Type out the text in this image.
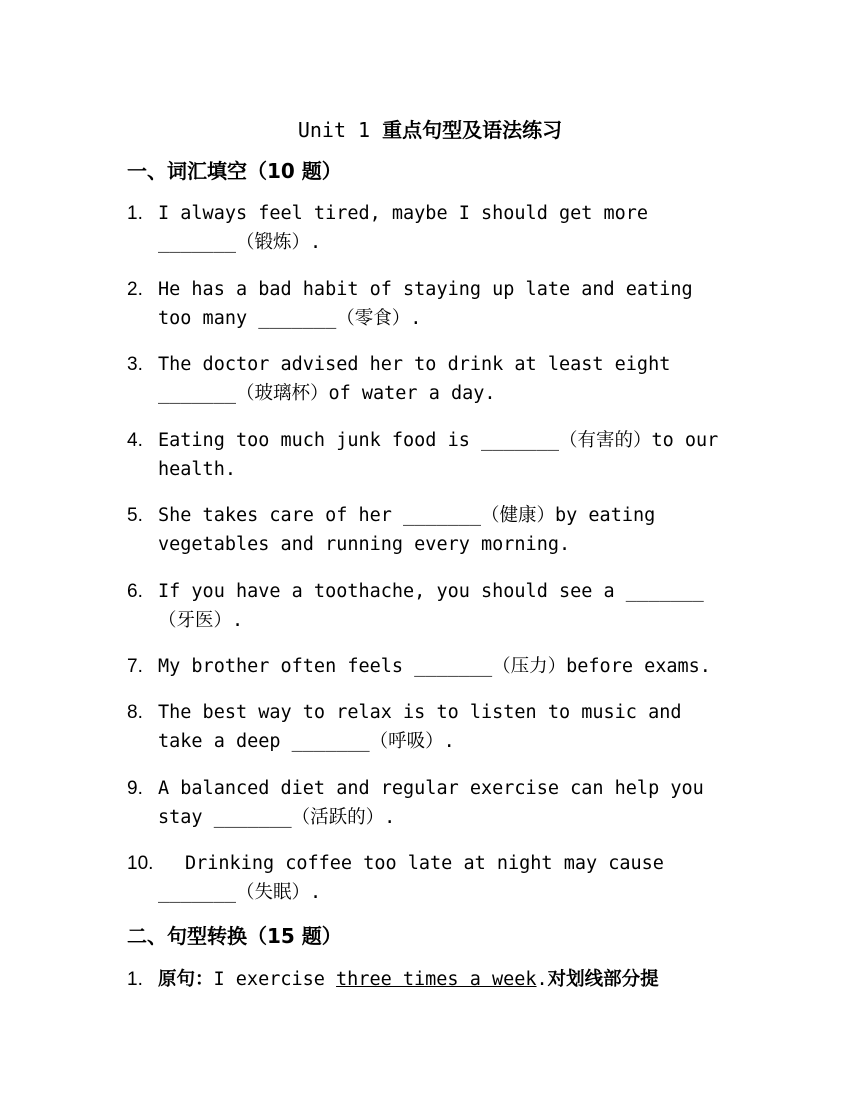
Unit 1 重点句型及语法练习
一、词汇填空（10 题）
1. I always feel tired, maybe I should get more _______（锻炼）.
2. He has a bad habit of staying up late and eating too many _______（零食）.
3. The doctor advised her to drink at least eight _______（玻璃杯）of water a day.
4. Eating too much junk food is _______（有害的）to our health.
5. She takes care of her _______（健康）by eating vegetables and running every morning.
6. If you have a toothache, you should see a _______（牙医）.
7. My brother often feels _______（压力）before exams.
8. The best way to relax is to listen to music and take a deep _______（呼吸）.
9. A balanced diet and regular exercise can help you stay _______（活跃的）.
10.	Drinking coffee too late at night may cause _______（失眠）.
二、句型转换（15 题）
1. 原句：I exercise three times a week.对划线部分提
